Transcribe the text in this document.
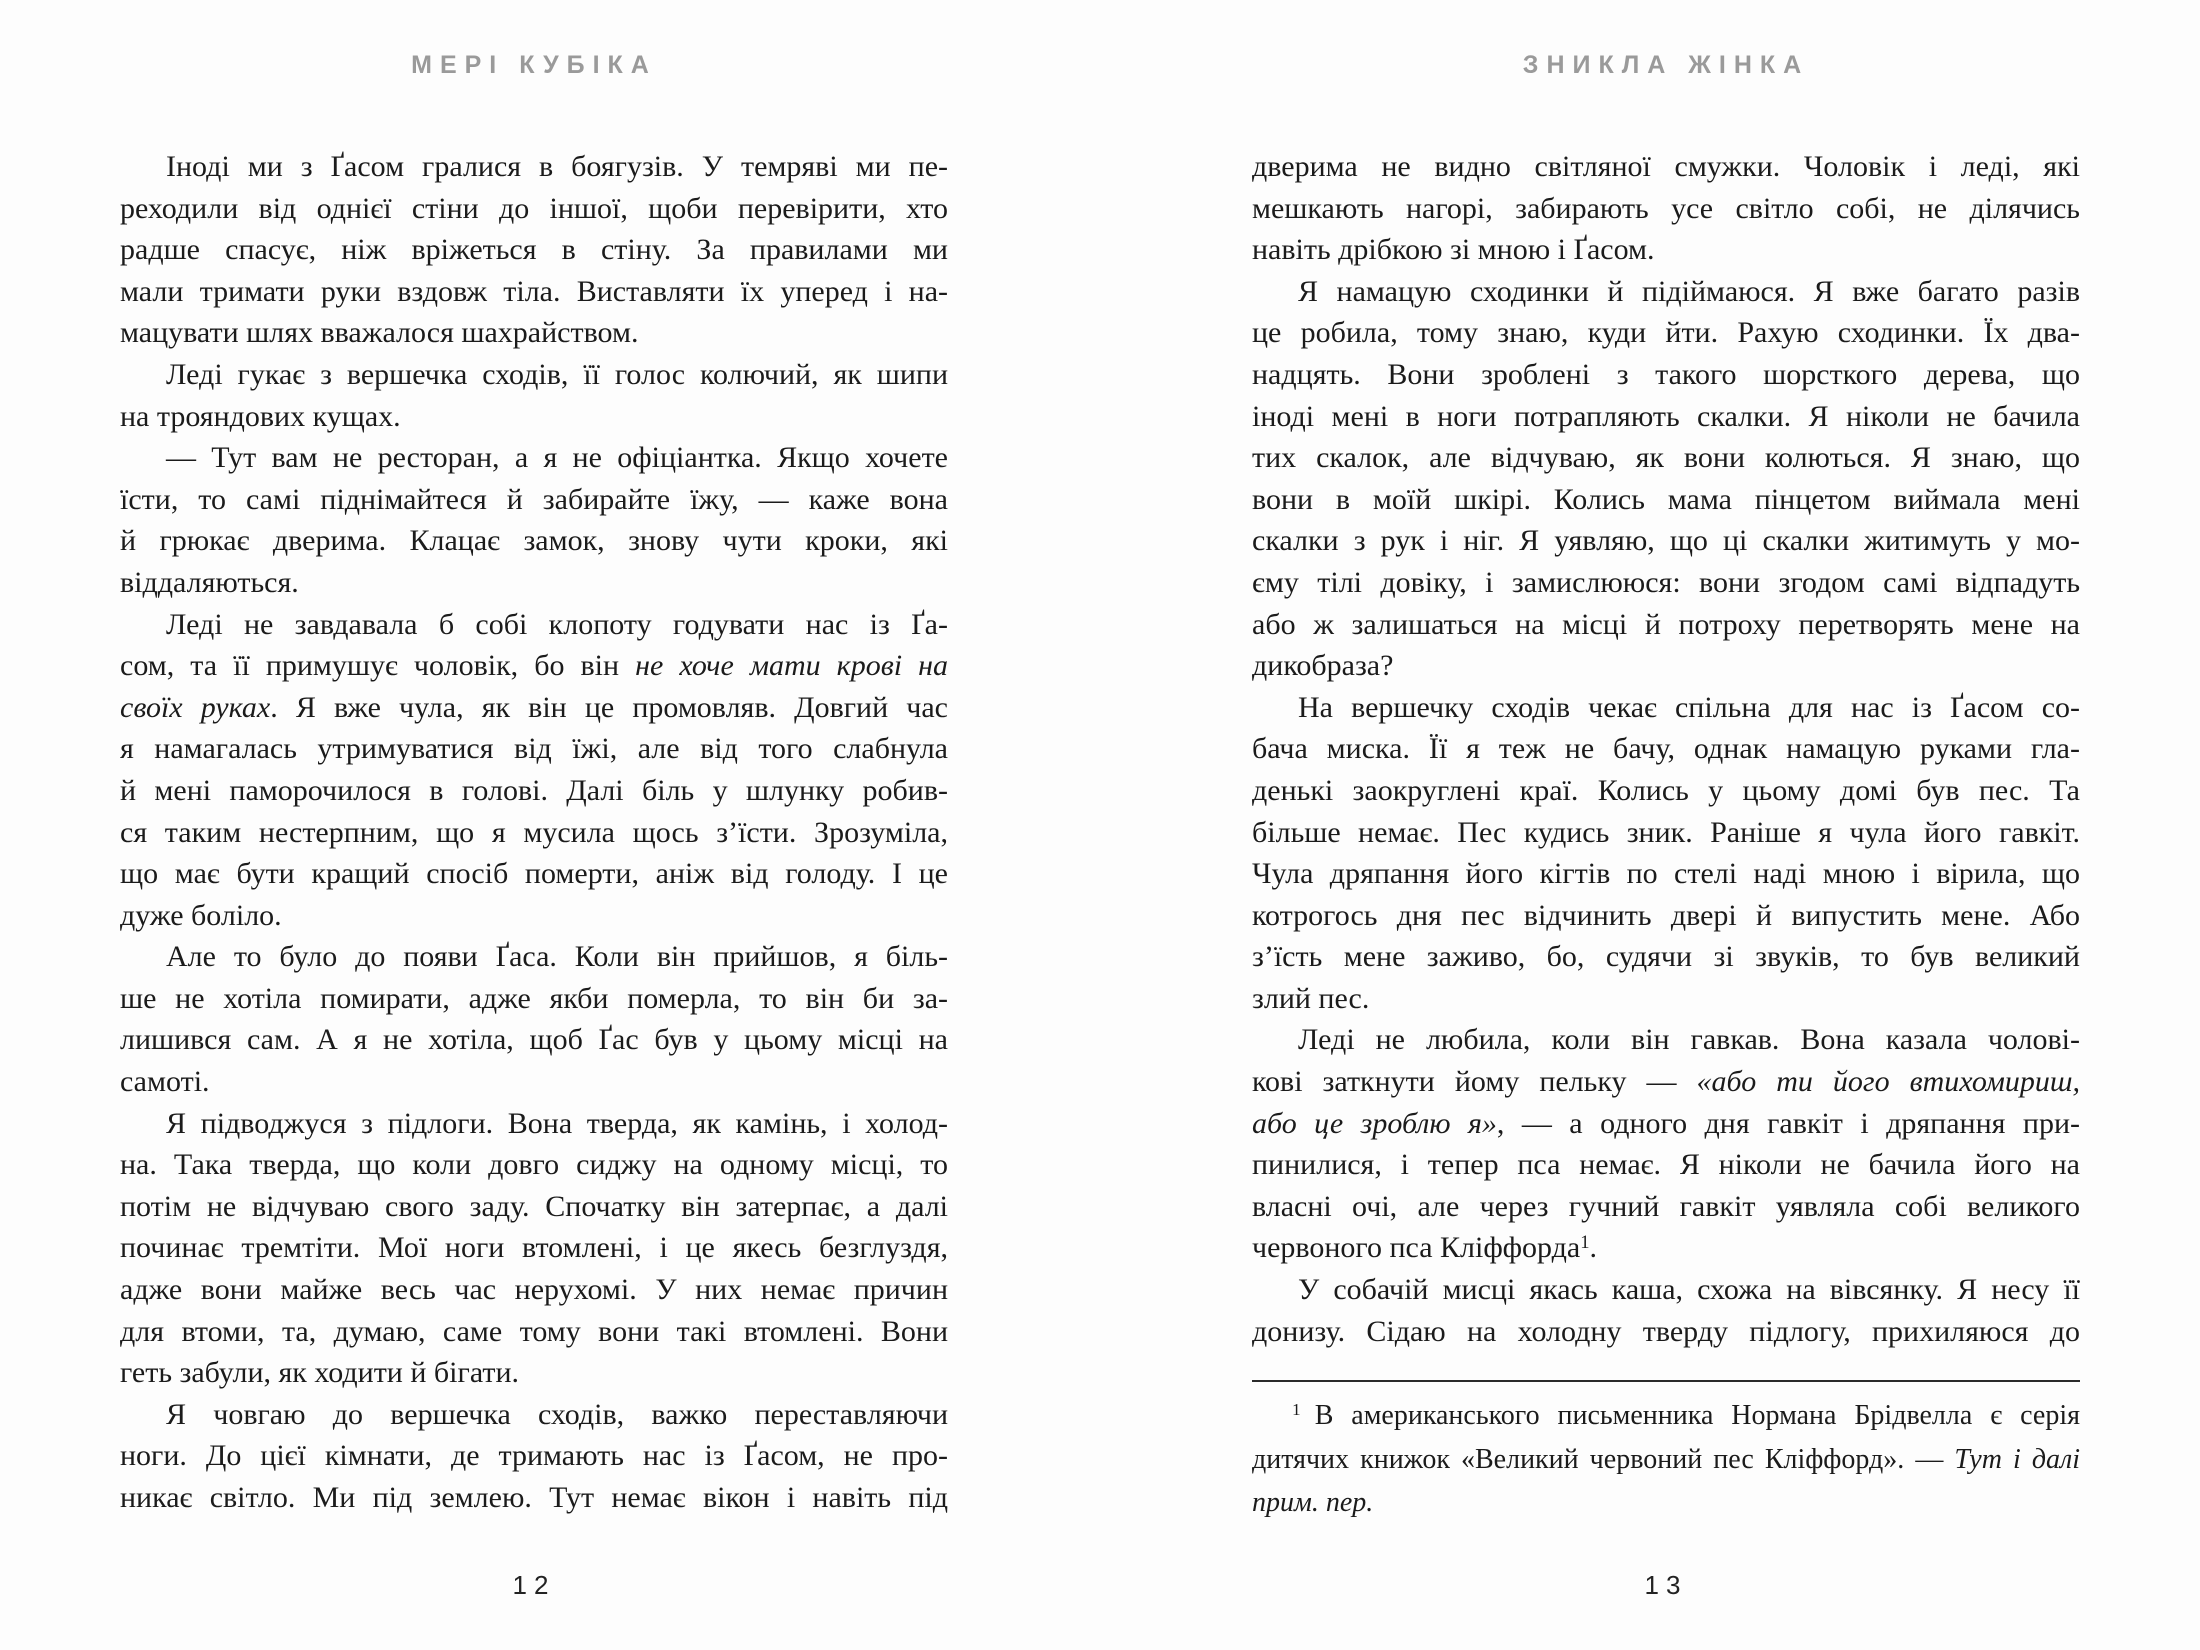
МЕРІ КУБІКА
Іноді ми з Ґасом гралися в боягузів. У темряві ми пе-
реходили від однієї стіни до іншої, щоби перевірити, хто
радше спасує, ніж вріжеться в стіну. За правилами ми
мали тримати руки вздовж тіла. Виставляти їх уперед і на-
мацувати шлях вважалося шахрайством.
Леді гукає з вершечка сходів, її голос колючий, як шипи
на трояндових кущах.
— Тут вам не ресторан, а я не офіціантка. Якщо хочете
їсти, то самі піднімайтеся й забирайте їжу, — каже вона
й грюкає дверима. Клацає замок, знову чути кроки, які
віддаляються.
Леді не завдавала б собі клопоту годувати нас із Ґа-
сом, та її примушує чоловік, бо він не хоче мати крові на
своїх руках. Я вже чула, як він це промовляв. Довгий час
я намагалась утримуватися від їжі, але від того слабнула
й мені паморочилося в голові. Далі біль у шлунку робив-
ся таким нестерпним, що я мусила щось з’їсти. Зрозуміла,
що має бути кращий спосіб померти, аніж від голоду. І це
дуже боліло.
Але то було до появи Ґаса. Коли він прийшов, я біль-
ше не хотіла помирати, адже якби померла, то він би за-
лишився сам. А я не хотіла, щоб Ґас був у цьому місці на
самоті.
Я підводжуся з підлоги. Вона тверда, як камінь, і холод-
на. Така тверда, що коли довго сиджу на одному місці, то
потім не відчуваю свого заду. Спочатку він затерпає, а далі
починає тремтіти. Мої ноги втомлені, і це якесь безглуздя,
адже вони майже весь час нерухомі. У них немає причин
для втоми, та, думаю, саме тому вони такі втомлені. Вони
геть забули, як ходити й бігати.
Я човгаю до вершечка сходів, важко переставляючи
ноги. До цієї кімнати, де тримають нас із Ґасом, не про-
никає світло. Ми під землею. Тут немає вікон і навіть під
12
ЗНИКЛА ЖІНКА
дверима не видно світляної смужки. Чоловік і леді, які
мешкають нагорі, забирають усе світло собі, не ділячись
навіть дрібкою зі мною і Ґасом.
Я намацую сходинки й підіймаюся. Я вже багато разів
це робила, тому знаю, куди йти. Рахую сходинки. Їх два-
надцять. Вони зроблені з такого шорсткого дерева, що
іноді мені в ноги потрапляють скалки. Я ніколи не бачила
тих скалок, але відчуваю, як вони колються. Я знаю, що
вони в моїй шкірі. Колись мама пінцетом виймала мені
скалки з рук і ніг. Я уявляю, що ці скалки житимуть у мо-
єму тілі довіку, і замислююся: вони згодом самі відпадуть
або ж залишаться на місці й потроху перетворять мене на
дикобраза?
На вершечку сходів чекає спільна для нас із Ґасом со-
бача миска. Її я теж не бачу, однак намацую руками гла-
денькі заокруглені краї. Колись у цьому домі був пес. Та
більше немає. Пес кудись зник. Раніше я чула його гавкіт.
Чула дряпання його кігтів по стелі наді мною і вірила, що
котрогось дня пес відчинить двері й випустить мене. Або
з’їсть мене заживо, бо, судячи зі звуків, то був великий
злий пес.
Леді не любила, коли він гавкав. Вона казала чолові-
кові заткнути йому пельку — «або ти його втихомириш,
або це зроблю я», — а одного дня гавкіт і дряпання при-
пинилися, і тепер пса немає. Я ніколи не бачила його на
власні очі, але через гучний гавкіт уявляла собі великого
червоного пса Кліффорда$^1$.
У собачій мисці якась каша, схожа на вівсянку. Я несу її
донизу. Сідаю на холодну тверду підлогу, прихиляюся до
$^1$ В американського письменника Нормана Брідвелла є серія
дитячих книжок «Великий червоний пес Кліффорд». — Тут і далі
прим. пер.
13
